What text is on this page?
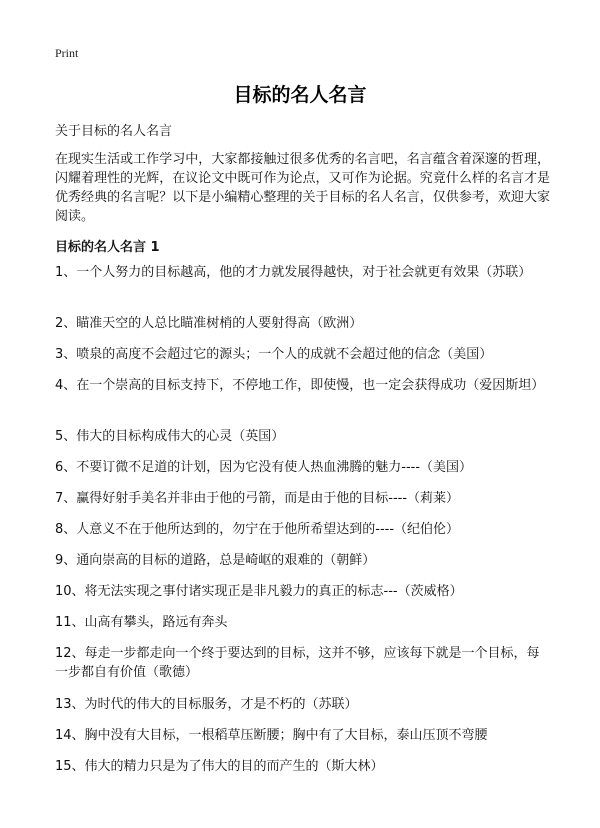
Print
目标的名人名言
关于目标的名人名言
在现实生活或工作学习中，大家都接触过很多优秀的名言吧，名言蕴含着深邃的哲理，闪耀着理性的光辉，在议论文中既可作为论点，又可作为论据。究竟什么样的名言才是优秀经典的名言呢？以下是小编精心整理的关于目标的名人名言，仅供参考，欢迎大家阅读。
目标的名人名言 1
1、一个人努力的目标越高，他的才力就发展得越快，对于社会就更有效果（苏联）
2、瞄准天空的人总比瞄准树梢的人要射得高（欧洲）
3、喷泉的高度不会超过它的源头；一个人的成就不会超过他的信念（美国）
4、在一个崇高的目标支持下，不停地工作，即使慢，也一定会获得成功（爱因斯坦）
5、伟大的目标构成伟大的心灵（英国）
6、不要订微不足道的计划，因为它没有使人热血沸腾的魅力----（美国）
7、赢得好射手美名并非由于他的弓箭，而是由于他的目标----（莉莱）
8、人意义不在于他所达到的，勿宁在于他所希望达到的----（纪伯伦）
9、通向崇高的目标的道路，总是崎岖的艰难的（朝鲜）
10、将无法实现之事付诸实现正是非凡毅力的真正的标志---（茨威格）
11、山高有攀头，路远有奔头
12、每走一步都走向一个终于要达到的目标，这并不够，应该每下就是一个目标，每一步都自有价值（歌德）
13、为时代的伟大的目标服务，才是不朽的（苏联）
14、胸中没有大目标，一根稻草压断腰；胸中有了大目标，泰山压顶不弯腰
15、伟大的精力只是为了伟大的目的而产生的（斯大林）
